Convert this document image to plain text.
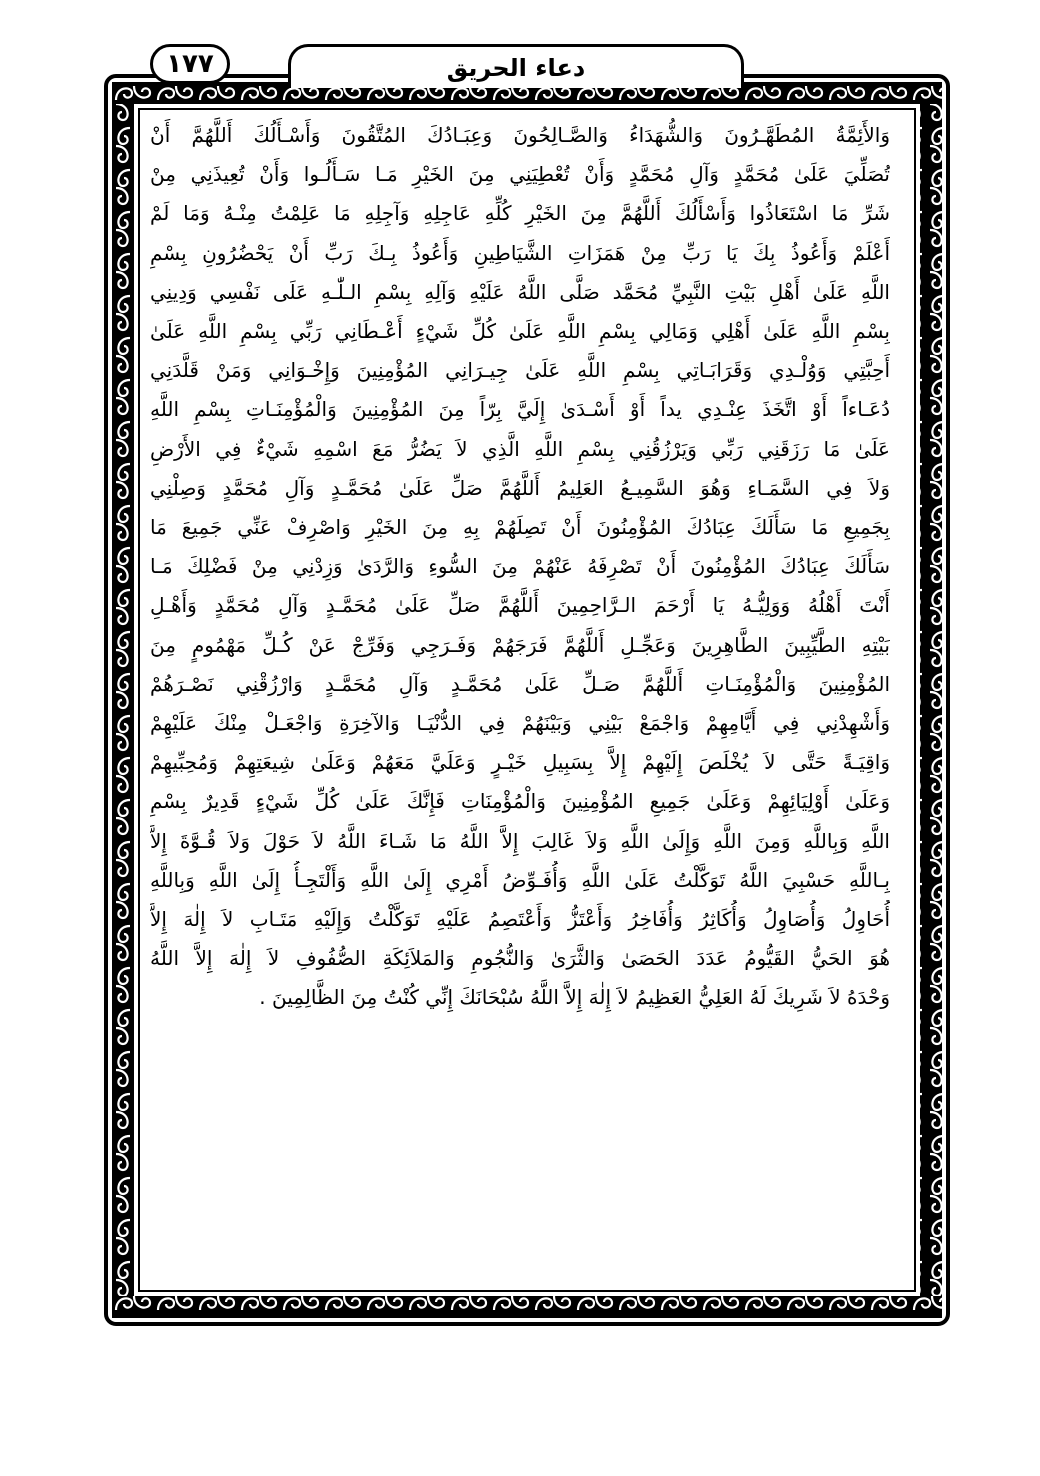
دعاء الحريق
١٧٧
وَالأَئِمَّةُ المُطَهَّـرُونَ وَالشُّهَدَاءُ وَالصَّـالِحُونَ وَعِبَـادُكَ المُتَّقُونَ وَأَسْـأَلُكَ أَللَّهُمَّ أَنْ
تُصَلِّيَ عَلَىٰ مُحَمَّدٍ وَآلِ مُحَمَّدٍ وَأَنْ تُعْطِيَنِي مِنَ الخَيْرِ مَـا سَـأَلُـوا وَأَنْ تُعِيذَنِي مِنْ
شَرِّ مَا اسْتَعَاذُوا وَأَسْأَلُكَ أَللَّهُمَّ مِنَ الخَيْرِ كُلِّهِ عَاجِلِهِ وَآجِلِهِ مَا عَلِمْتُ مِنْـهُ وَمَا لَمْ
أَعْلَمْ وَأَعُوذُ بِكَ يَا رَبِّ مِنْ هَمَزَاتِ الشَّيَاطِينِ وَأَعُوذُ بِـكَ رَبِّ أَنْ يَحْضُرُونِ بِسْمِ
اللَّهِ عَلَىٰ أَهْلِ بَيْتِ النَّبِيِّ مُحَمَّد صَلَّى اللَّهُ عَلَيْهِ وَآلِهِ بِسْمِ الـلّٰـهِ عَلَى نَفْسِي وَدِينِي
بِسْمِ اللَّهِ عَلَىٰ أَهْلِي وَمَالِي بِسْمِ اللَّهِ عَلَىٰ كُلِّ شَيْءٍ أَعْـطَانِي رَبِّي بِسْمِ اللَّهِ عَلَىٰ
أَحِبَّتِي وَوُلْـدِي وَقَرَابَـاتِي بِسْمِ اللَّهِ عَلَىٰ جِيـرَانِي المُؤْمِنِينَ وَإِخْـوَانِي وَمَنْ قَلَّدَنِي
دُعَـاءاً أَوْ اتَّخَذَ عِنْـدِي يداً أَوْ أَسْـدَىٰ إِلَيَّ بِرّاً مِنَ المُؤْمِنِينَ وَالْمُؤْمِنَـاتِ بِسْمِ اللَّهِ
عَلَىٰ مَا رَزَقَنِي رَبِّي وَيَرْزُقُنِي بِسْمِ اللَّهِ الَّذِي لاَ يَضُرُّ مَعَ اسْمِهِ شَيْءٌ فِي الأَرْضِ
وَلاَ فِي السَّمَـاءِ وَهُوَ السَّمِيـعُ العَلِيمُ أَللَّهُمَّ صَلِّ عَلَىٰ مُحَمَّـدٍ وَآلِ مُحَمَّدٍ وَصِلْنِي
بِجَمِيعِ مَا سَأَلَكَ عِبَادُكَ المُؤْمِنُونَ أَنْ تَصِلَهُمْ بِهِ مِنَ الخَيْرِ وَاصْرِفْ عَنِّي جَمِيعَ مَا
سَأَلَكَ عِبَادُكَ المُؤْمِنُونَ أَنْ تَصْرِفَهُ عَنْهُمْ مِنَ السُّوءِ وَالرَّدَىٰ وَزِدْنِي مِنْ فَضْلِكَ مَـا
أَنْتَ أَهْلُهُ وَوَلِيُّـهُ يَا أَرْحَمَ الـرَّاحِمِينَ أَللَّهُمَّ صَلِّ عَلَىٰ مُحَمَّـدٍ وَآلِ مُحَمَّدٍ وَأَهْـلِ
بَيْتِهِ الطَّيِّبِينَ الطَّاهِرِينَ وَعَجِّـلِ أَللَّهُمَّ فَرَجَهُمْ وَفَـرَجِي وَفَرِّجْ عَنْ كُـلِّ مَهْمُومٍ مِنَ
المُؤْمِنِينَ وَالْمُؤْمِنَـاتِ أَللَّهُمَّ صَـلِّ عَلَىٰ مُحَمَّـدٍ وَآلِ مُحَمَّـدٍ وَارْزُقْنِي نَصْـرَهُمْ
وَأَشْهِدْنِي فِي أَيَّامِهِمْ وَاجْمَعْ بَيْنِي وَبَيْنَهُمْ فِي الدُّنْيَـا وَالآخِرَةِ وَاجْعَـلْ مِنْكَ عَلَيْهِمْ
وَاقِيَـةً حَتَّى لاَ يُخْلَصَ إِلَيْهِمْ إِلاَّ بِسَبِيلِ خَيْـرٍ وَعَلَيَّ مَعَهُمْ وَعَلَىٰ شِيعَتِهِمْ وَمُحِبِّيهِمْ
وَعَلَىٰ أَوْلِيَائِهِمْ وَعَلَىٰ جَمِيعِ المُؤْمِنِينَ وَالْمُؤْمِنَاتِ فَإِنَّكَ عَلَىٰ كُلِّ شَيْءٍ قَدِيرٌ بِسْمِ
اللَّهِ وَبِاللَّهِ وَمِنَ اللَّهِ وَإِلَىٰ اللَّهِ وَلاَ غَالِبَ إِلاَّ اللَّهُ مَا شَـاءَ اللَّهُ لاَ حَوْلَ وَلاَ قُـوَّةَ إِلاَّ
بِـاللَّهِ حَسْبِيَ اللَّهُ تَوَكَّلْتُ عَلَىٰ اللَّهِ وَأُفَـوِّضُ أَمْرِي إِلَىٰ اللَّهِ وَأَلْتَجِـأُ إِلَىٰ اللَّهِ وَبِاللَّهِ
أُحَاوِلُ وَأُصَاوِلُ وَأُكَاثِرُ وَأُفَاخِرُ وَأَعْتَزُّ وَأَعْتَصِمُ عَلَيْهِ تَوَكَّلْتُ وَإِلَيْهِ مَتَـابِ لاَ إِلٰهَ إِلاَّ
هُوَ الحَيُّ القَيُّومُ عَدَدَ الحَصَىٰ وَالثَّرَىٰ وَالنُّجُومِ وَالمَلاَئِكَةِ الصُّفُوفِ لاَ إِلٰهَ إِلاَّ اللَّهُ
وَحْدَهُ لاَ شَرِيكَ لَهُ العَلِيُّ العَظِيمُ لاَ إِلٰهَ إِلاَّ اللَّهُ سُبْحَانَكَ إِنِّي كُنْتُ مِنَ الظَّالِمِينَ .
